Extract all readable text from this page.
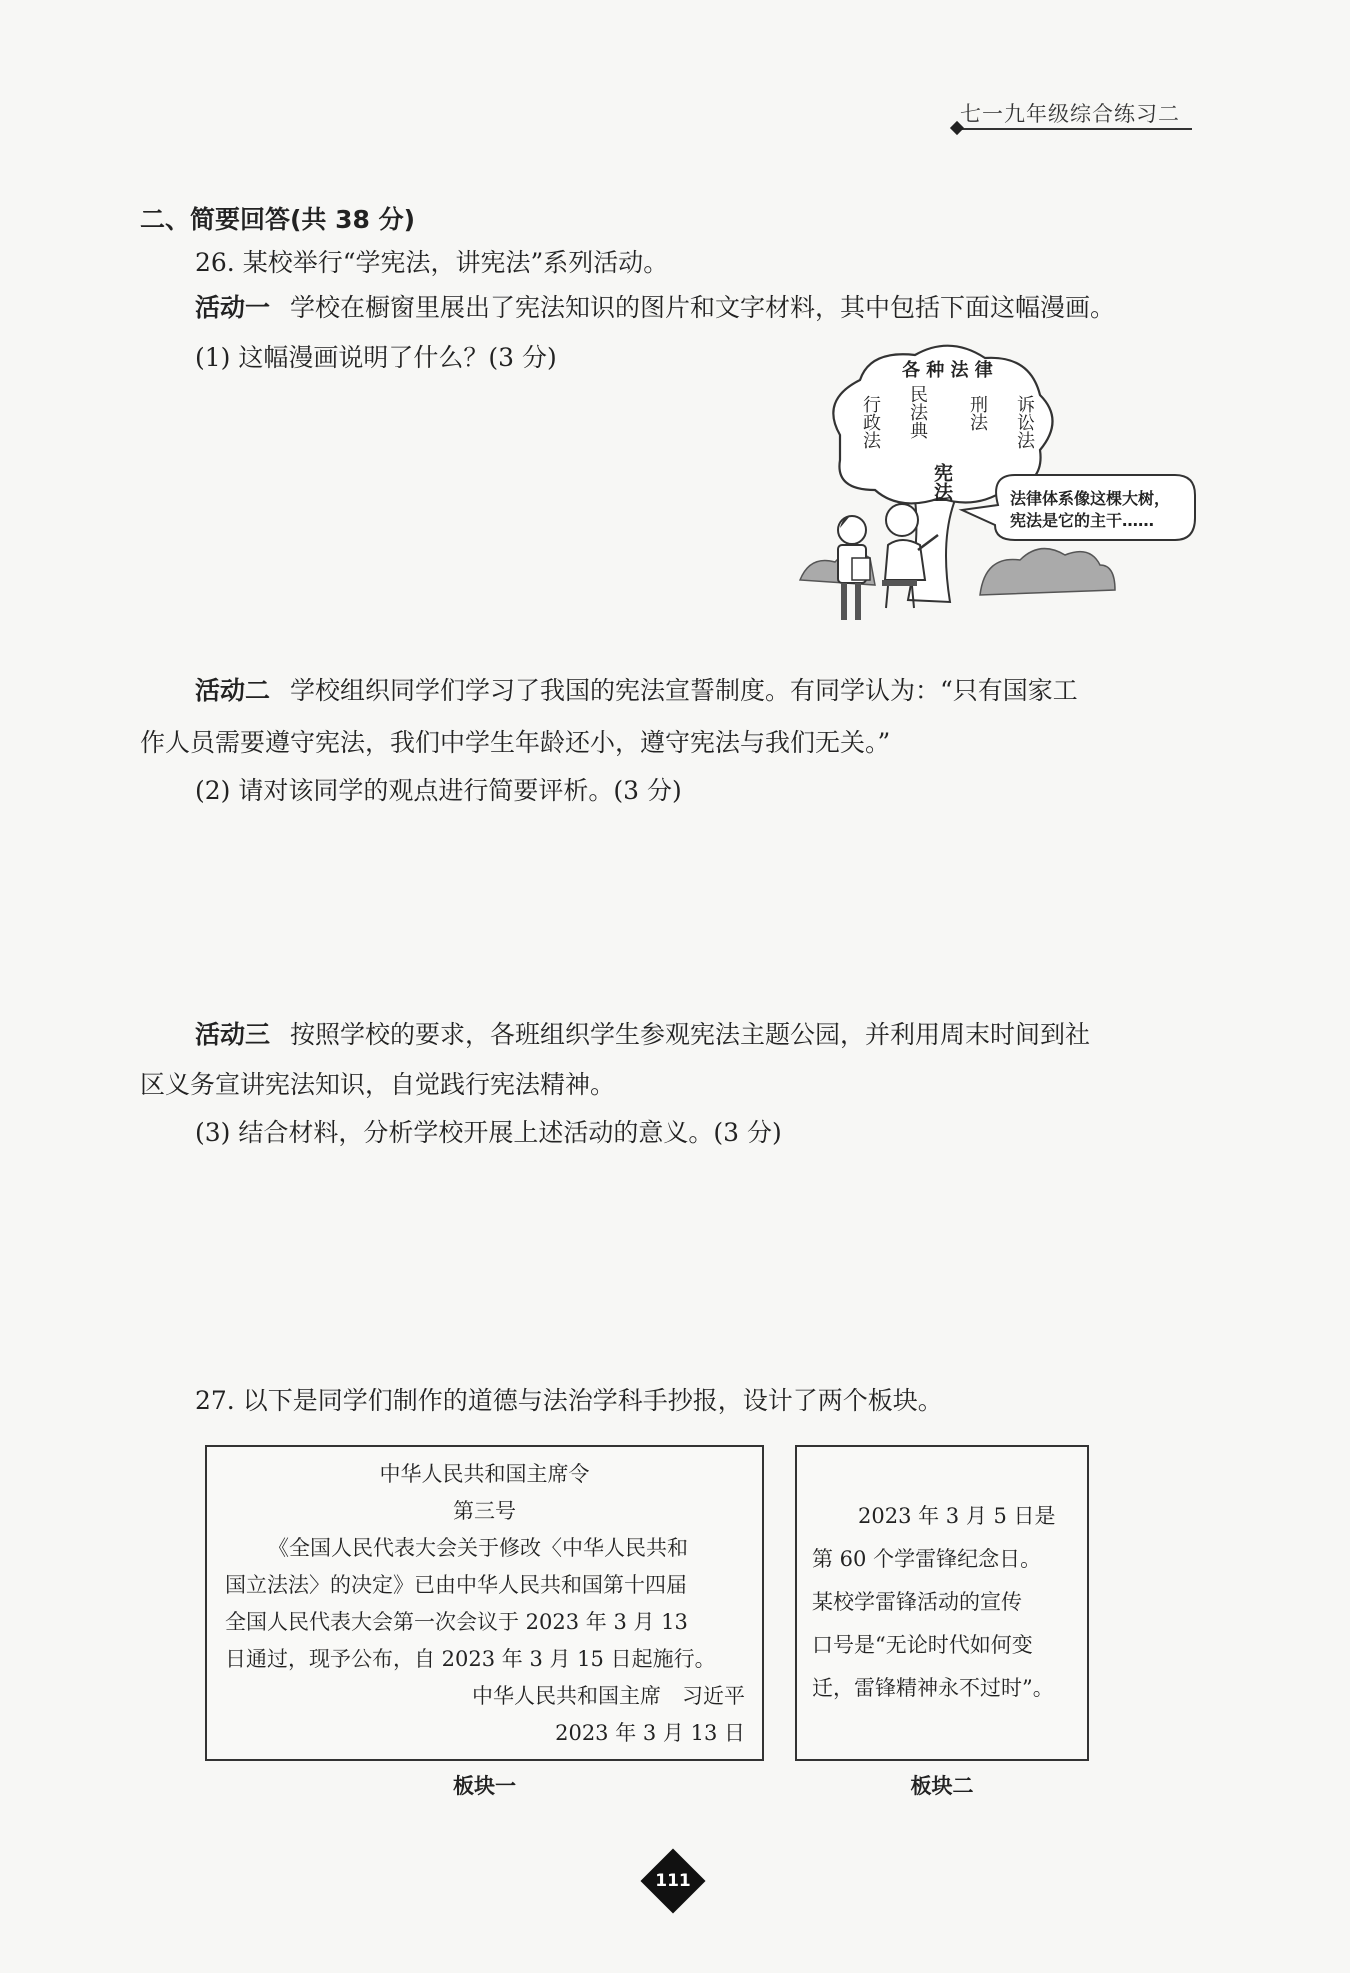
七一九年级综合练习二
二、简要回答(共 38 分)
26. 某校举行“学宪法，讲宪法”系列活动。
活动一 学校在橱窗里展出了宪法知识的图片和文字材料，其中包括下面这幅漫画。
(1) 这幅漫画说明了什么？(3 分)	各 种 法 律
行政法 民法典 刑法 诉讼法
宪法	法律体系像这棵大树，宪法是它的主干……
活动二 学校组织同学们学习了我国的宪法宣誓制度。有同学认为：“只有国家工
作人员需要遵守宪法，我们中学生年龄还小，遵守宪法与我们无关。”
(2) 请对该同学的观点进行简要评析。(3 分)
活动三 按照学校的要求，各班组织学生参观宪法主题公园，并利用周末时间到社
区义务宣讲宪法知识，自觉践行宪法精神。
(3) 结合材料，分析学校开展上述活动的意义。(3 分)
27. 以下是同学们制作的道德与法治学科手抄报，设计了两个板块。
中华人民共和国主席令
第三号
《全国人民代表大会关于修改〈中华人民共和
国立法法〉的决定》已由中华人民共和国第十四届
全国人民代表大会第一次会议于 2023 年 3 月 13
日通过，现予公布，自 2023 年 3 月 15 日起施行。
中华人民共和国主席　习近平
2023 年 3 月 13 日
板块一
2023 年 3 月 5 日是
第 60 个学雷锋纪念日。
某校学雷锋活动的宣传
口号是“无论时代如何变
迁，雷锋精神永不过时”。
板块二
111
